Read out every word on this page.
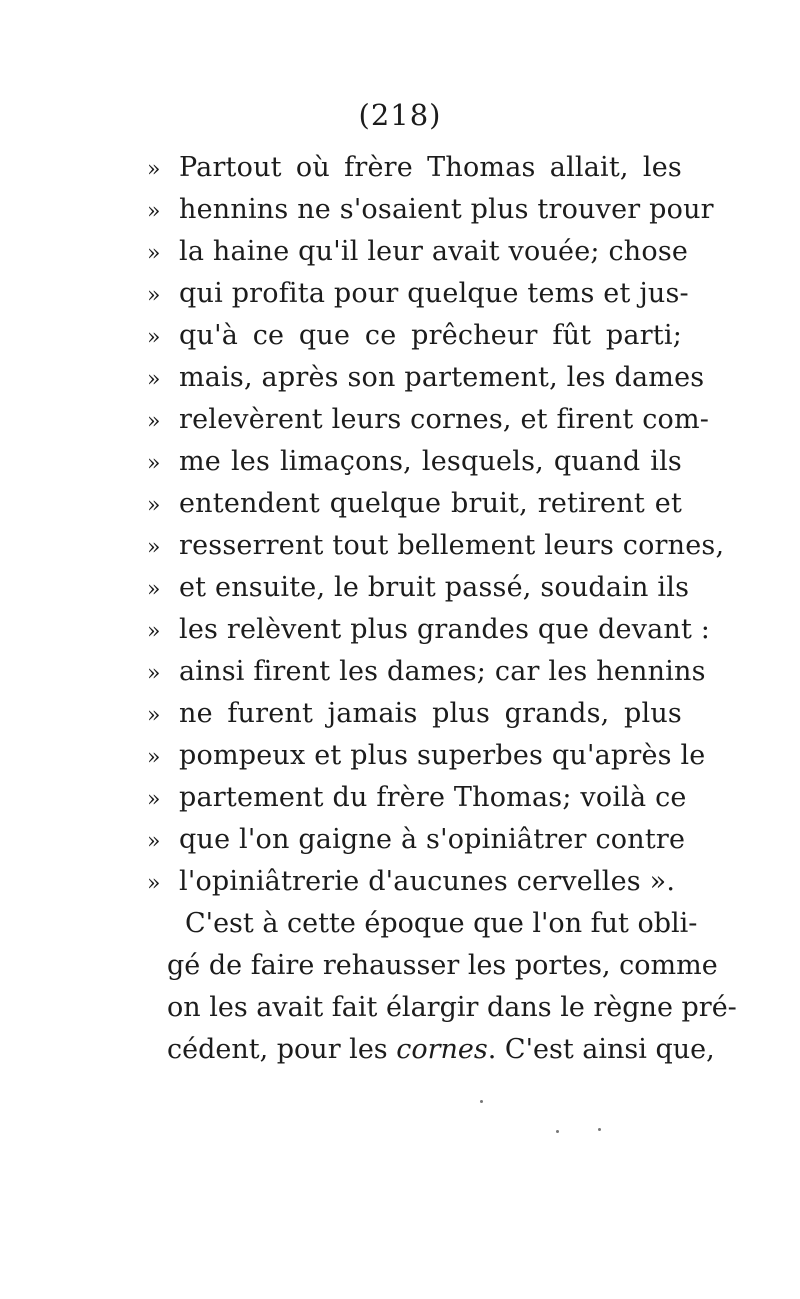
(218)
» Partout où frère Thomas allait, les
» hennins ne s'osaient plus trouver pour
» la haine qu'il leur avait vouée; chose
» qui profita pour quelque tems et jus-
» qu'à ce que ce prêcheur fût parti;
» mais, après son partement, les dames
» relevèrent leurs cornes, et firent com-
» me les limaçons, lesquels, quand ils
» entendent quelque bruit, retirent et
» resserrent tout bellement leurs cornes,
» et ensuite, le bruit passé, soudain ils
» les relèvent plus grandes que devant :
» ainsi firent les dames; car les hennins
» ne furent jamais plus grands, plus
» pompeux et plus superbes qu'après le
» partement du frère Thomas; voilà ce
» que l'on gaigne à s'opiniâtrer contre
» l'opiniâtrerie d'aucunes cervelles ».
C'est à cette époque que l'on fut obli-
gé de faire rehausser les portes, comme
on les avait fait élargir dans le règne pré-
cédent, pour les cornes. C'est ainsi que,
